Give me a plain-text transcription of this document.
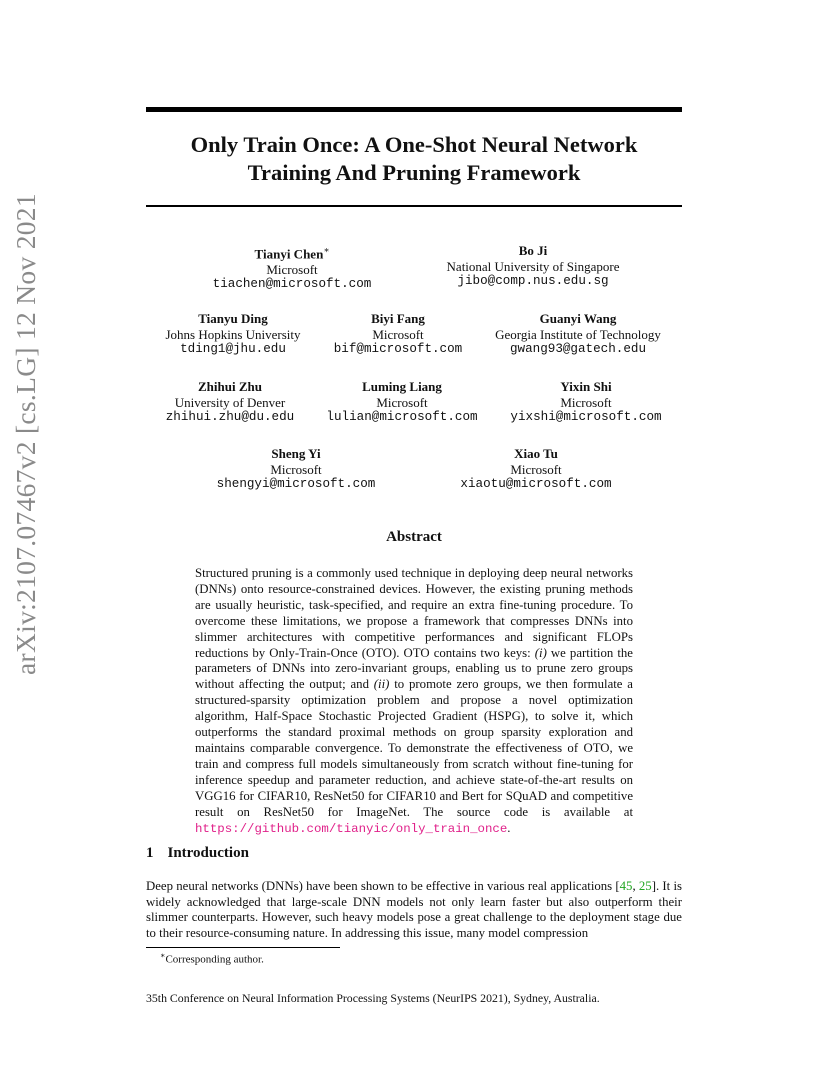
arXiv:2107.07467v2 [cs.LG] 12 Nov 2021
Only Train Once: A One-Shot Neural Network
Training And Pruning Framework
Tianyi Chen∗
Microsoft
tiachen@microsoft.com
Bo Ji
National University of Singapore
jibo@comp.nus.edu.sg
Tianyu Ding
Johns Hopkins University
tding1@jhu.edu
Biyi Fang
Microsoft
bif@microsoft.com
Guanyi Wang
Georgia Institute of Technology
gwang93@gatech.edu
Zhihui Zhu
University of Denver
zhihui.zhu@du.edu
Luming Liang
Microsoft
lulian@microsoft.com
Yixin Shi
Microsoft
yixshi@microsoft.com
Sheng Yi
Microsoft
shengyi@microsoft.com
Xiao Tu
Microsoft
xiaotu@microsoft.com
Abstract
Structured pruning is a commonly used technique in deploying deep neural networks (DNNs) onto resource-constrained devices. However, the existing pruning methods are usually heuristic, task-specified, and require an extra fine-tuning procedure. To overcome these limitations, we propose a framework that compresses DNNs into slimmer architectures with competitive performances and significant FLOPs reductions by Only-Train-Once (OTO). OTO contains two keys: (i) we partition the parameters of DNNs into zero-invariant groups, enabling us to prune zero groups without affecting the output; and (ii) to promote zero groups, we then formulate a structured-sparsity optimization problem and propose a novel optimization algorithm, Half-Space Stochastic Projected Gradient (HSPG), to solve it, which outperforms the standard proximal methods on group sparsity exploration and maintains comparable convergence. To demonstrate the effectiveness of OTO, we train and compress full models simultaneously from scratch without fine-tuning for inference speedup and parameter reduction, and achieve state-of-the-art results on VGG16 for CIFAR10, ResNet50 for CIFAR10 and Bert for SQuAD and competitive result on ResNet50 for ImageNet. The source code is available at https://github.com/tianyic/only_train_once.
1 Introduction
Deep neural networks (DNNs) have been shown to be effective in various real applications [45, 25]. It is widely acknowledged that large-scale DNN models not only learn faster but also outperform their slimmer counterparts. However, such heavy models pose a great challenge to the deployment stage due to their resource-consuming nature. In addressing this issue, many model compression
∗Corresponding author.
35th Conference on Neural Information Processing Systems (NeurIPS 2021), Sydney, Australia.
